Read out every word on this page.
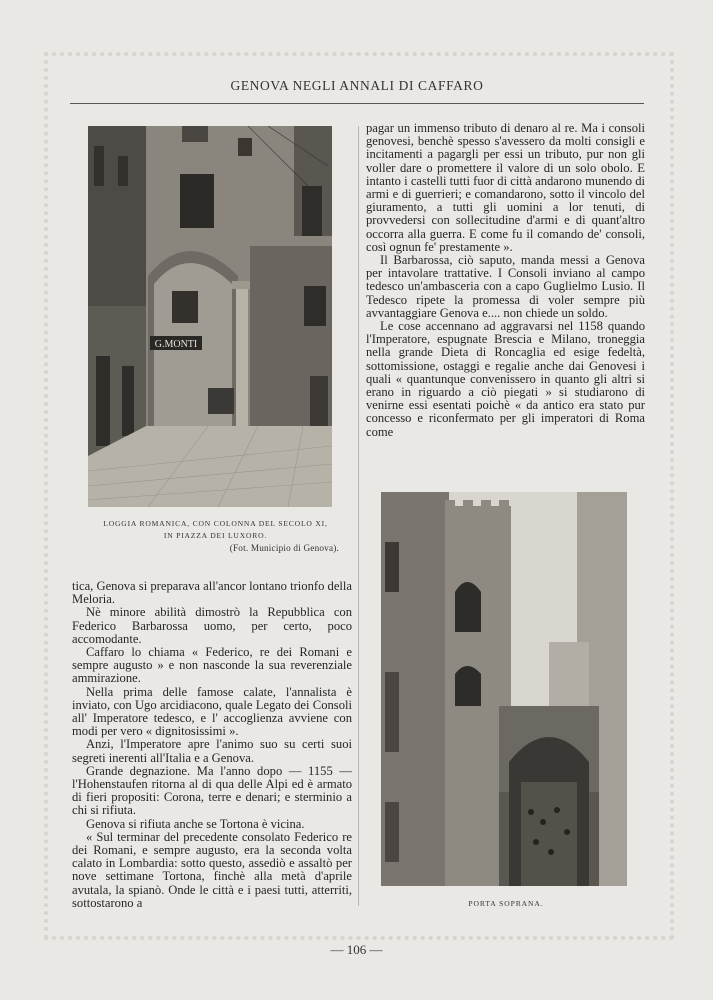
GENOVA NEGLI ANNALI DI CAFFARO
G.MONTI
LOGGIA ROMANICA, CON COLONNA DEL SECOLO XI,
IN PIAZZA DEI LUXORO.
(Fot. Municipio di Genova).
PORTA SOPRANA.

pagar un immenso tributo di denaro al re. Ma i consoli genovesi, benchè spesso s'avessero da molti consigli e incitamenti a pagargli per essi un tributo, pur non gli voller dare o promettere il valore di un solo obolo. E intanto i castelli tutti fuor di città andarono munendo di armi e di guerrieri; e comandarono, sotto il vincolo del giuramento, a tutti gli uomini a lor tenuti, di provvedersi con sollecitudine d'armi e di quant'altro occorra alla guerra. E come fu il comando de' consoli, così ognun fe' prestamente ».

Il Barbarossa, ciò saputo, manda messi a Genova per intavolare trattative. I Consoli inviano al campo tedesco un'ambasceria con a capo Guglielmo Lusio. Il Tedesco ripete la promessa di voler sempre più avvantaggiare Genova e.... non chiede un soldo.

Le cose accennano ad aggravarsi nel 1158 quando l'Imperatore, espugnate Brescia e Milano, troneggia nella grande Dieta di Roncaglia ed esige fedeltà, sottomissione, ostaggi e regalie anche dai Genovesi i quali « quantunque convenissero in quanto gli altri si erano in riguardo a ciò piegati » si studiarono di venirne essi esentati poichè « da antico era stato pur concesso e riconfermato per gli imperatori di Roma come

tica, Genova si preparava all'ancor lontano trionfo della Meloria.

Nè minore abilità dimostrò la Repubblica con Federico Barbarossa uomo, per certo, poco accomodante.

Caffaro lo chiama « Federico, re dei Romani e sempre augusto » e non nasconde la sua reverenziale ammirazione.

Nella prima delle famose calate, l'annalista è inviato, con Ugo arcidiacono, quale Legato dei Consoli all' Imperatore tedesco, e l' accoglienza avviene con modi per vero « dignitosissimi ».

Anzi, l'Imperatore apre l'animo suo su certi suoi segreti inerenti all'Italia e a Genova.

Grande degnazione. Ma l'anno dopo — 1155 — l'Hohenstaufen ritorna al di qua delle Alpi ed è armato di fieri propositi: Corona, terre e denari; e sterminio a chi si rifiuta.

Genova si rifiuta anche se Tortona è vicina.

« Sul terminar del precedente consolato Federico re dei Romani, e sempre augusto, era la seconda volta calato in Lombardia: sotto questo, assediò e assaltò per nove settimane Tortona, finchè alla metà d'aprile avutala, la spianò. Onde le città e i paesi tutti, atterriti, sottostarono a

— 106 —
